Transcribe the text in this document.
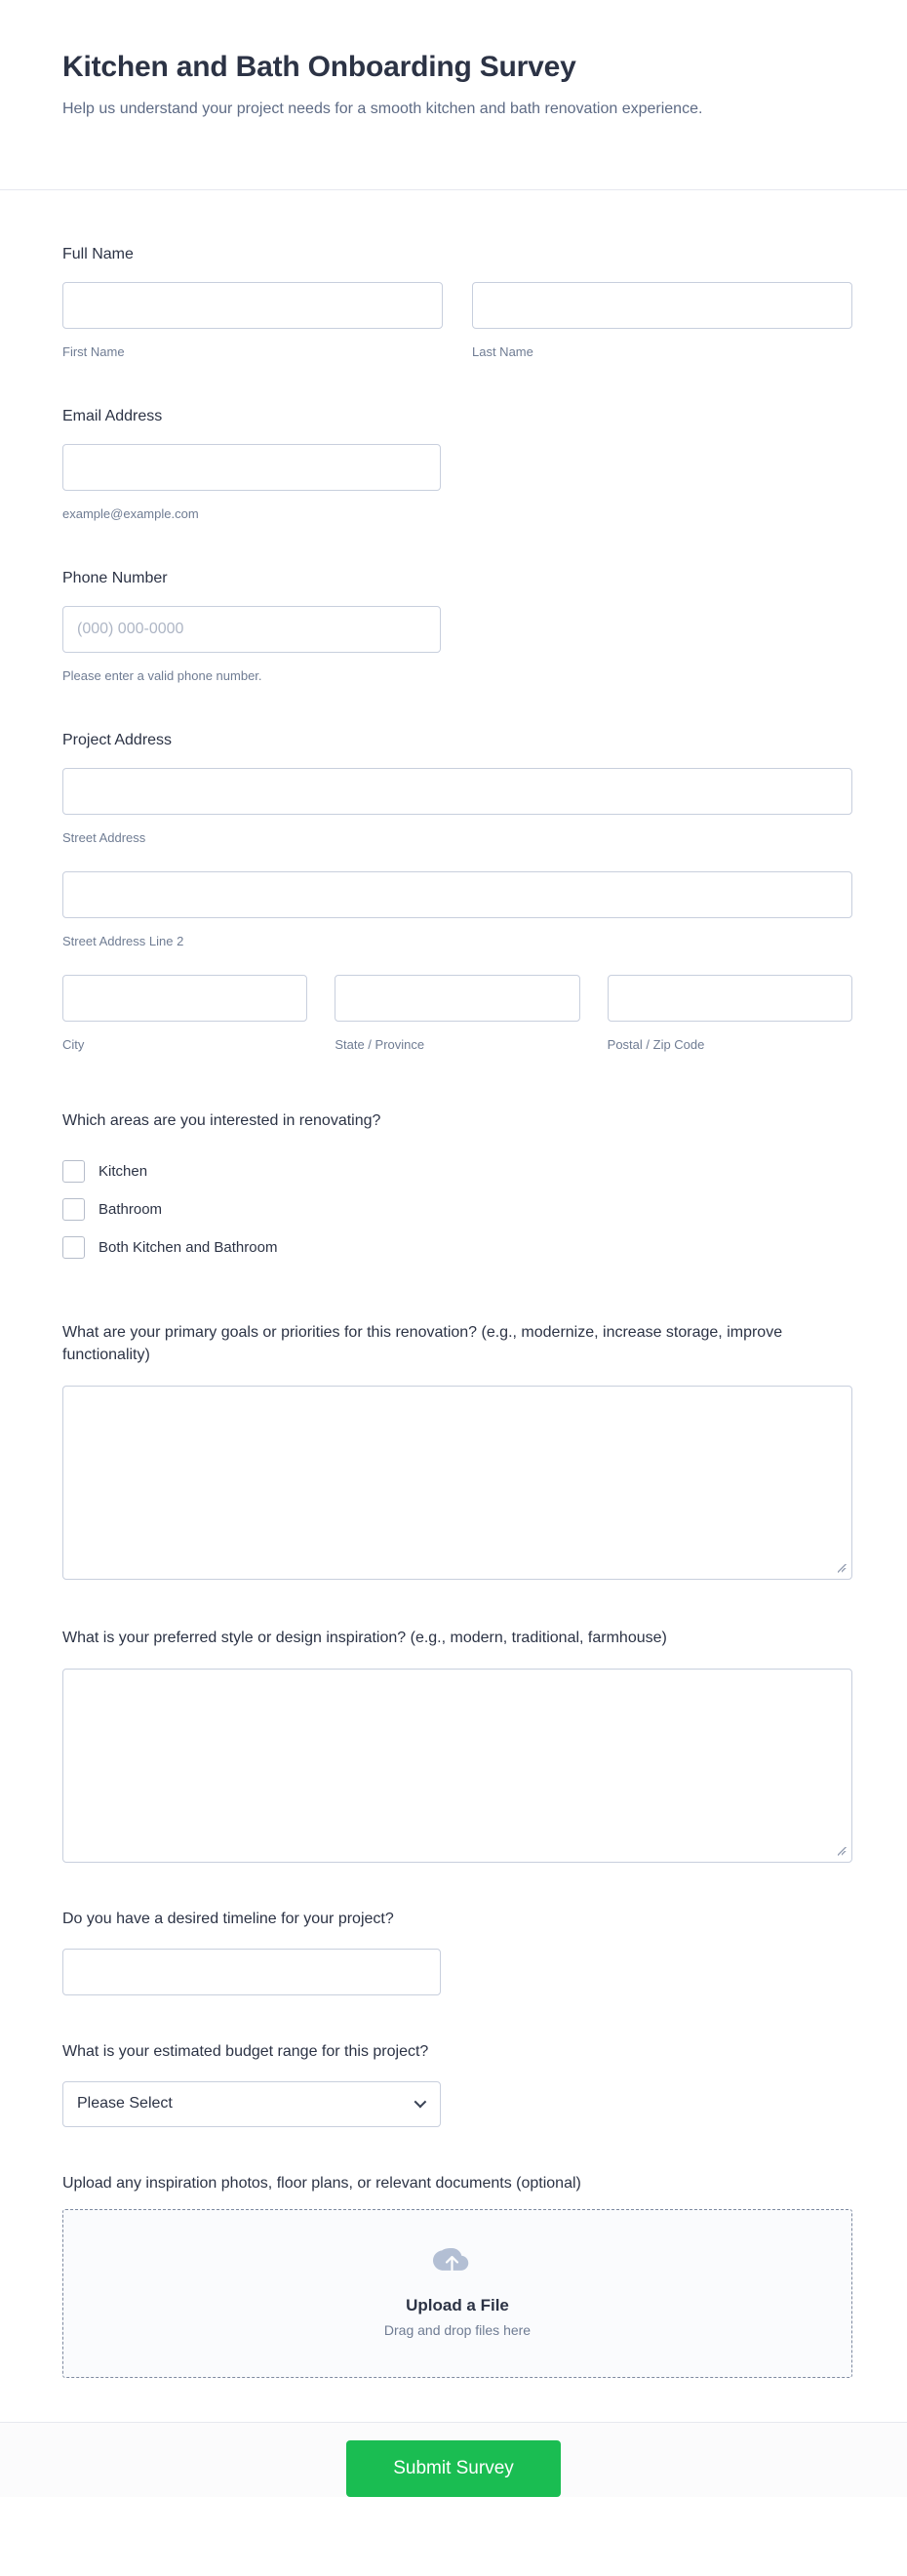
Kitchen and Bath Onboarding Survey
Help us understand your project needs for a smooth kitchen and bath renovation experience.
Full Name
First Name	Last Name
Email Address
example@example.com
Phone Number
(000) 000-0000
Please enter a valid phone number.
Project Address
Street Address
Street Address Line 2
City	State / Province	Postal / Zip Code
Which areas are you interested in renovating?
Kitchen
Bathroom
Both Kitchen and Bathroom
What are your primary goals or priorities for this renovation? (e.g., modernize, increase storage, improve functionality)
What is your preferred style or design inspiration? (e.g., modern, traditional, farmhouse)
Do you have a desired timeline for your project?
What is your estimated budget range for this project?
Please Select
Upload any inspiration photos, floor plans, or relevant documents (optional)
Upload a File
Drag and drop files here
Submit Survey
